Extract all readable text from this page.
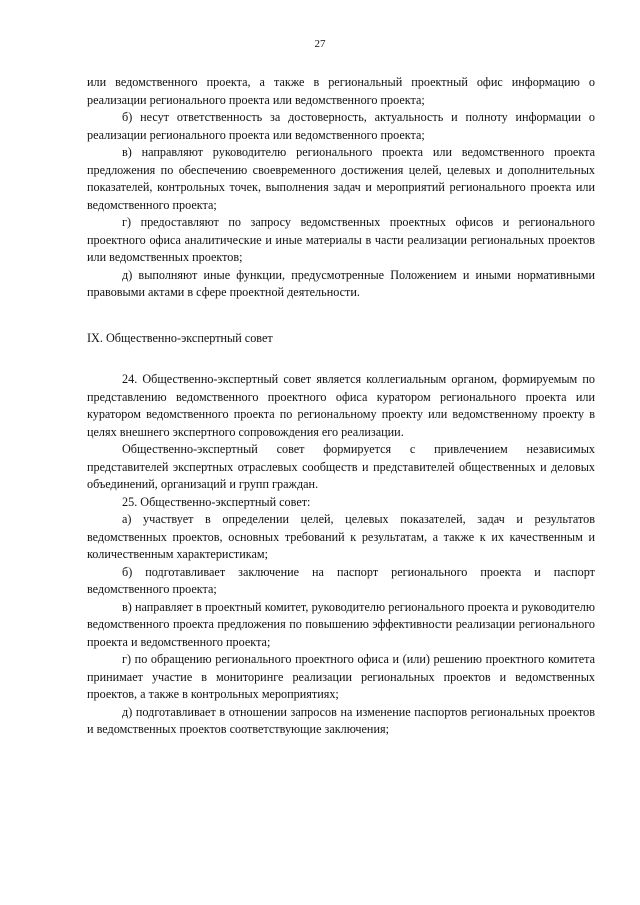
27

или ведомственного проекта, а также в региональный проектный офис информацию о реализации регионального проекта или ведомственного проекта;

б) несут ответственность за достоверность, актуальность и полноту информации о реализации регионального проекта или ведомственного проекта;

в) направляют руководителю регионального проекта или ведомственного проекта предложения по обеспечению своевременного достижения целей, целевых и дополнительных показателей, контрольных точек, выполнения задач и мероприятий регионального проекта или ведомственного проекта;

г) предоставляют по запросу ведомственных проектных офисов и регионального проектного офиса аналитические и иные материалы в части реализации региональных проектов или ведомственных проектов;

д) выполняют иные функции, предусмотренные Положением и иными нормативными правовыми актами в сфере проектной деятельности.

IX. Общественно-экспертный совет

24. Общественно-экспертный совет является коллегиальным органом, формируемым по представлению ведомственного проектного офиса куратором регионального проекта или куратором ведомственного проекта по региональному проекту или ведомственному проекту в целях внешнего экспертного сопровождения его реализации.

Общественно-экспертный совет формируется с привлечением независимых представителей экспертных отраслевых сообществ и представителей общественных и деловых объединений, организаций и групп граждан.

25. Общественно-экспертный совет:

а) участвует в определении целей, целевых показателей, задач и результатов ведомственных проектов, основных требований к результатам, а также к их качественным и количественным характеристикам;

б) подготавливает заключение на паспорт регионального проекта и паспорт ведомственного проекта;

в) направляет в проектный комитет, руководителю регионального проекта и руководителю ведомственного проекта предложения по повышению эффективности реализации регионального проекта и ведомственного проекта;

г) по обращению регионального проектного офиса и (или) решению проектного комитета принимает участие в мониторинге реализации региональных проектов и ведомственных проектов, а также в контрольных мероприятиях;

д) подготавливает в отношении запросов на изменение паспортов региональных проектов и ведомственных проектов соответствующие заключения;
